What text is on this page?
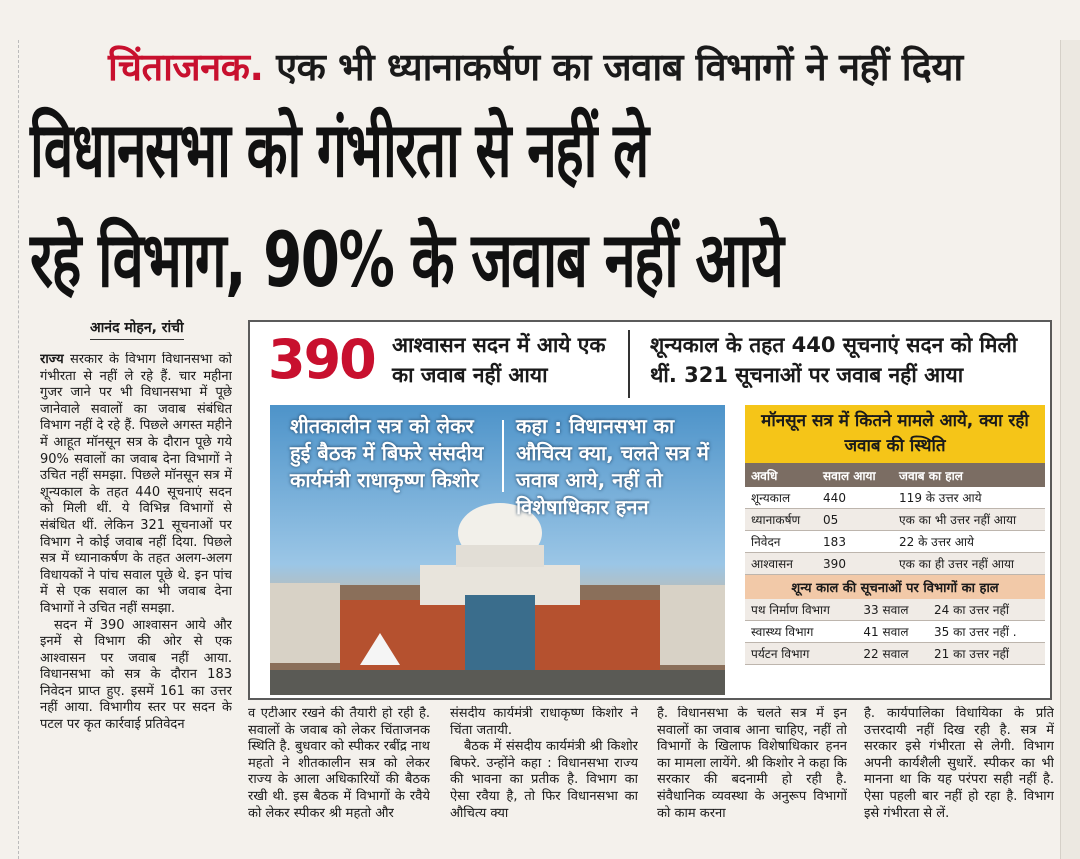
चिंताजनक. एक भी ध्यानाकर्षण का जवाब विभागों ने नहीं दिया
विधानसभा को गंभीरता से नहीं ले
रहे विभाग, 90% के जवाब नहीं आये
आनंद मोहन, रांची

राज्य सरकार के विभाग विधानसभा को गंभीरता से नहीं ले रहे हैं. चार महीना गुजर जाने पर भी विधानसभा में पूछे जानेवाले सवालों का जवाब संबंधित विभाग नहीं दे रहे हैं. पिछले अगस्त महीने में आहूत मॉनसून सत्र के दौरान पूछे गये 90% सवालों का जवाब देना विभागों ने उचित नहीं समझा. पिछले मॉनसून सत्र में शून्यकाल के तहत 440 सूचनाएं सदन को मिली थीं. ये विभिन्न विभागों से संबंधित थीं. लेकिन 321 सूचनाओं पर विभाग ने कोई जवाब नहीं दिया. पिछले सत्र में ध्यानाकर्षण के तहत अलग-अलग विधायकों ने पांच सवाल पूछे थे. इन पांच में से एक सवाल का भी जवाब देना विभागों ने उचित नहीं समझा.

सदन में 390 आश्वासन आये और इनमें से विभाग की ओर से एक आश्वासन पर जवाब नहीं आया. विधानसभा को सत्र के दौरान 183 निवेदन प्राप्त हुए. इसमें 161 का उत्तर नहीं आया. विभागीय स्तर पर सदन के पटल पर कृत कार्रवाई प्रतिवेदन

390 आश्वासन सदन में आये एक का जवाब नहीं आया
शून्यकाल के तहत 440 सूचनाएं सदन को मिली थीं. 321 सूचनाओं पर जवाब नहीं आया
शीतकालीन सत्र को लेकर हुई बैठक में बिफरे संसदीय कार्यमंत्री राधाकृष्ण किशोर
कहा : विधानसभा का औचित्य क्या, चलते सत्र में जवाब आये, नहीं तो विशेषाधिकार हनन
मॉनसून सत्र में कितने मामले आये, क्या रही जवाब की स्थिति
अवधि	सवाल आया	जवाब का हाल
शून्यकाल	440	119 के उत्तर आये
ध्यानाकर्षण	05	एक का भी उत्तर नहीं आया
निवेदन	183	22 के उत्तर आये
आश्वासन	390	एक का ही उत्तर नहीं आया
शून्य काल की सूचनाओं पर विभागों का हाल
पथ निर्माण विभाग	33 सवाल	24 का उत्तर नहीं
स्वास्थ्य विभाग	41 सवाल	35 का उत्तर नहीं .
पर्यटन विभाग	22 सवाल	21 का उत्तर नहीं

व एटीआर रखने की तैयारी हो रही है. सवालों के जवाब को लेकर चिंताजनक स्थिति है. बुधवार को स्पीकर रबींद्र नाथ महतो ने शीतकालीन सत्र को लेकर राज्य के आला अधिकारियों की बैठक रखी थी. इस बैठक में विभागों के रवैये को लेकर स्पीकर श्री महतो और

संसदीय कार्यमंत्री राधाकृष्ण किशोर ने चिंता जतायी.

बैठक में संसदीय कार्यमंत्री श्री किशोर बिफरे. उन्होंने कहा : विधानसभा राज्य की भावना का प्रतीक है. विभाग का ऐसा रवैया है, तो फिर विधानसभा का औचित्य क्या

है. विधानसभा के चलते सत्र में इन सवालों का जवाब आना चाहिए, नहीं तो विभागों के खिलाफ विशेषाधिकार हनन का मामला लायेंगे. श्री किशोर ने कहा कि सरकार की बदनामी हो रही है. संवैधानिक व्यवस्था के अनुरूप विभागों को काम करना

है. कार्यपालिका विधायिका के प्रति उत्तरदायी नहीं दिख रही है. सत्र में सरकार इसे गंभीरता से लेगी. विभाग अपनी कार्यशैली सुधारें. स्पीकर का भी मानना था कि यह परंपरा सही नहीं है. ऐसा पहली बार नहीं हो रहा है. विभाग इसे गंभीरता से लें.
